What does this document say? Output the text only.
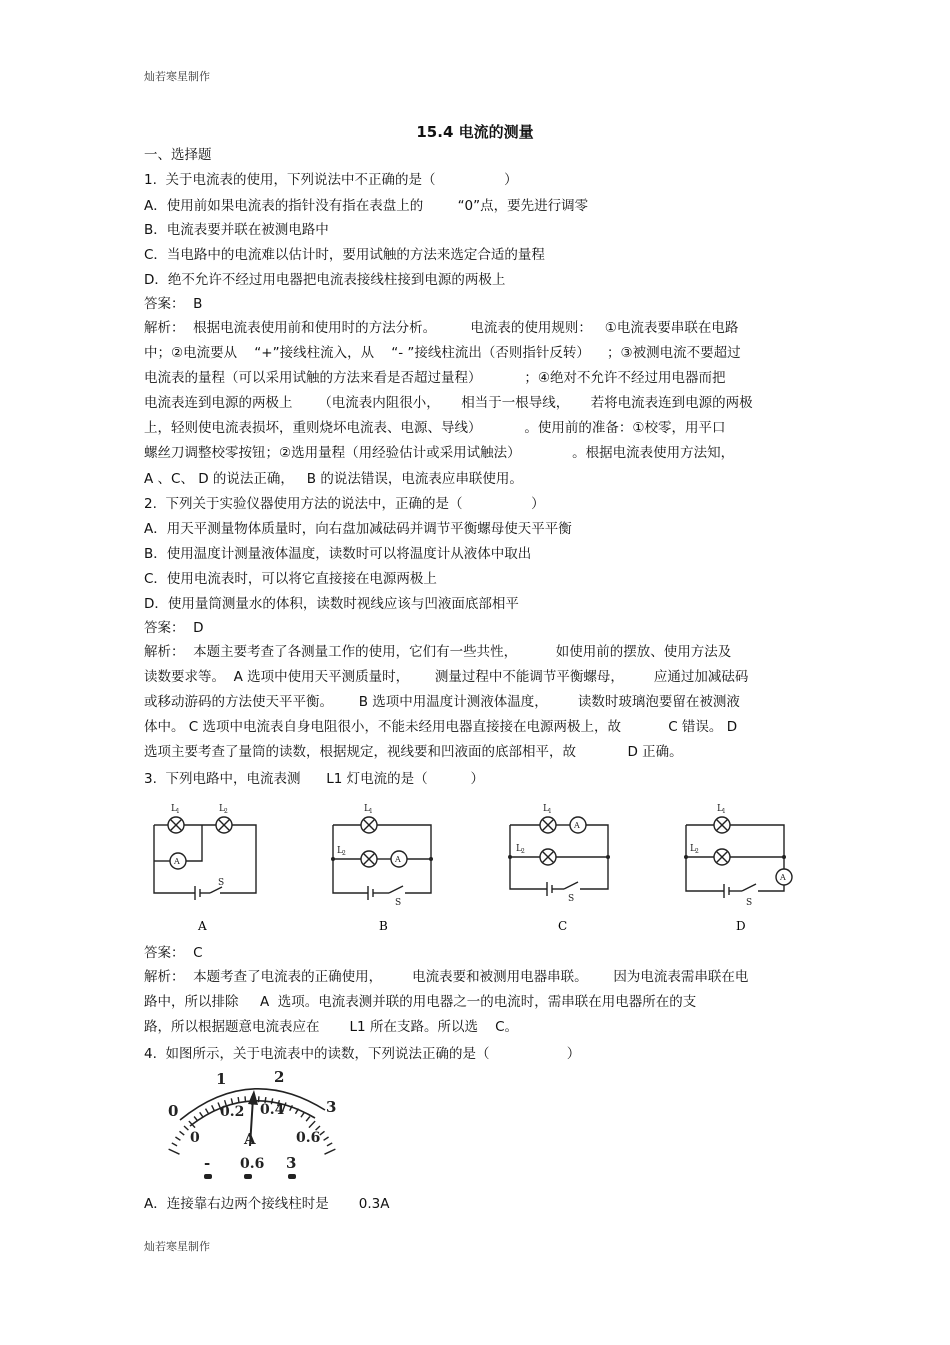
灿若寒星制作
15.4 电流的测量
一、选择题
1.  关于电流表的使用，下列说法中不正确的是（                ）
A．使用前如果电流表的指针没有指在表盘上的        “0”点，要先进行调零
B．电流表要并联在被测电路中
C．当电路中的电流难以估计时，要用试触的方法来选定合适的量程
D．绝不允许不经过用电器把电流表接线柱接到电源的两极上
答案：  B
解析：  根据电流表使用前和使用时的方法分析。        电流表的使用规则：   ①电流表要串联在电路
中；②电流要从    “+”接线柱流入，从    “- ”接线柱流出（否则指针反转）    ；③被测电流不要超过
电流表的量程（可以采用试触的方法来看是否超过量程）          ；④绝对不允许不经过用电器而把
电流表连到电源的两极上      （电流表内阻很小，     相当于一根导线，     若将电流表连到电源的两极
上，轻则使电流表损坏，重则烧坏电流表、电源、导线）          。使用前的准备：①校零，用平口
螺丝刀调整校零按钮；②选用量程（用经验估计或采用试触法）            。根据电流表使用方法知，
A 、C、 D 的说法正确，   B 的说法错误，电流表应串联使用。
2.  下列关于实验仪器使用方法的说法中，正确的是（                ）
A．用天平测量物体质量时，向右盘加减砝码并调节平衡螺母使天平平衡
B．使用温度计测量液体温度，读数时可以将温度计从液体中取出
C．使用电流表时，可以将它直接接在电源两极上
D．使用量筒测量水的体积，读数时视线应该与凹液面底部相平
答案：  D
解析：  本题主要考查了各测量工作的使用，它们有一些共性，         如使用前的摆放、使用方法及
读数要求等。  A 选项中使用天平测质量时，      测量过程中不能调节平衡螺母，       应通过加减砝码
或移动游码的方法使天平平衡。      B 选项中用温度计测液体温度，       读数时玻璃泡要留在被测液
体中。 C 选项中电流表自身电阻很小，不能未经用电器直接接在电源两极上，故           C 错误。 D
选项主要考查了量筒的读数，根据规定，视线要和凹液面的底部相平，故            D 正确。
3.  下列电路中，电流表测      L1 灯电流的是（          ）
答案：  C
解析：  本题考查了电流表的正确使用，       电流表要和被测用电器串联。      因为电流表需串联在电
路中，所以排除     A  选项。电流表测并联的用电器之一的电流时，需串联在用电器所在的支
路，所以根据题意电流表应在       L1 所在支路。所以选    C。
4.  如图所示，关于电流表中的读数，下列说法正确的是（                  ）
A．连接靠右边两个接线柱时是       0.3A
L 1	L 2
A
S
A
L 1
L 2
A
S
B
L 1
L 2
A
S
C
L 1
L 2
A
S
D
0
1	2
3
0
0.2 0.4
0.6
A
- 0.6 3
灿若寒星制作
